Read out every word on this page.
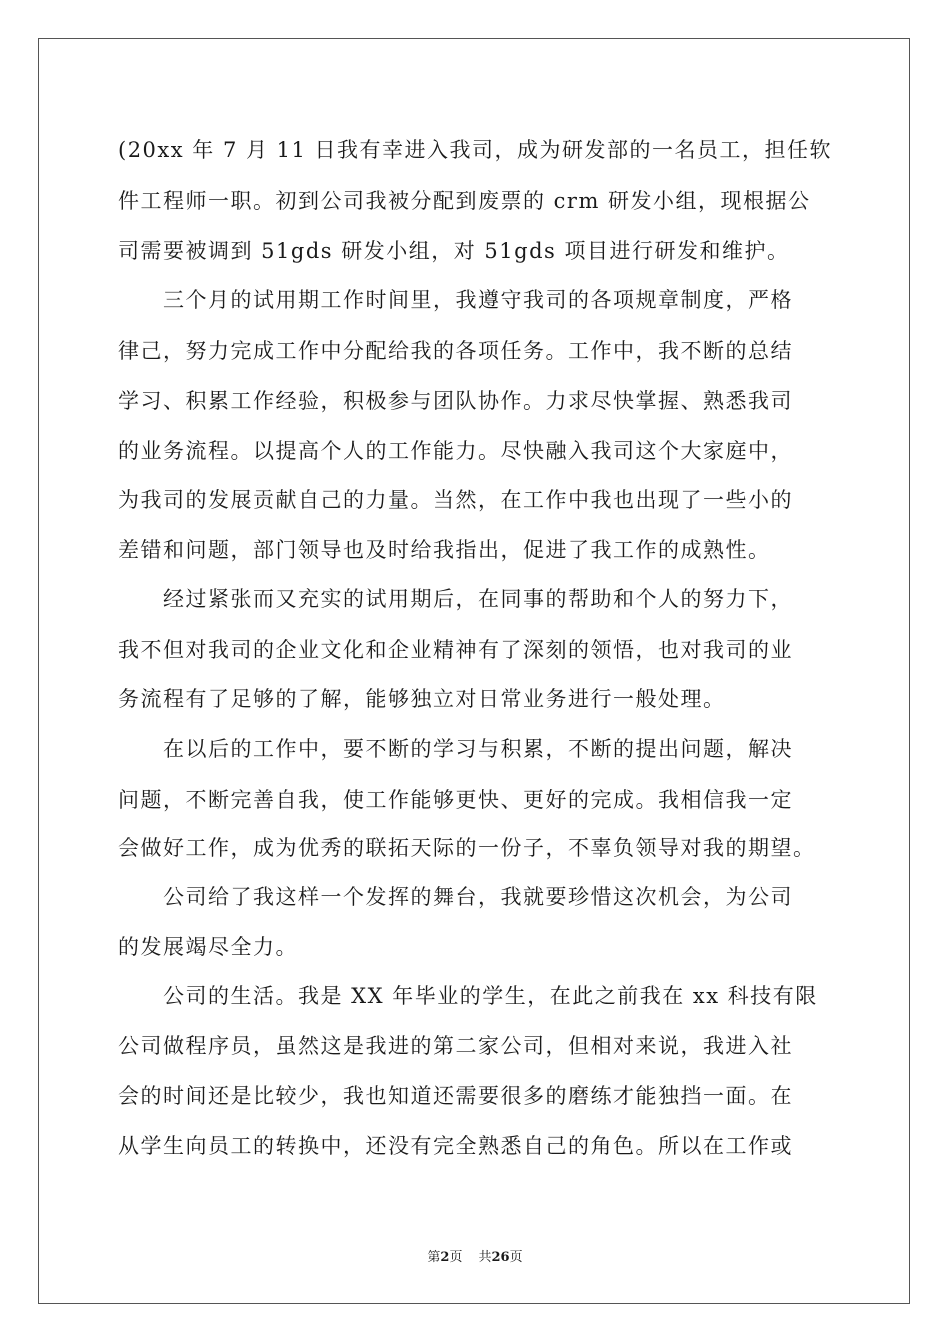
(20xx 年 7 月 11 日我有幸进入我司，成为研发部的一名员工，担任软
件工程师一职。初到公司我被分配到废票的 crm 研发小组，现根据公
司需要被调到 51gds 研发小组，对 51gds 项目进行研发和维护。
　　三个月的试用期工作时间里，我遵守我司的各项规章制度，严格
律己，努力完成工作中分配给我的各项任务。工作中，我不断的总结
学习、积累工作经验，积极参与团队协作。力求尽快掌握、熟悉我司
的业务流程。以提高个人的工作能力。尽快融入我司这个大家庭中，
为我司的发展贡献自己的力量。当然，在工作中我也出现了一些小的
差错和问题，部门领导也及时给我指出，促进了我工作的成熟性。
　　经过紧张而又充实的试用期后，在同事的帮助和个人的努力下，
我不但对我司的企业文化和企业精神有了深刻的领悟，也对我司的业
务流程有了足够的了解，能够独立对日常业务进行一般处理。
　　在以后的工作中，要不断的学习与积累，不断的提出问题，解决
问题，不断完善自我，使工作能够更快、更好的完成。我相信我一定
会做好工作，成为优秀的联拓天际的一份子，不辜负领导对我的期望。
　　公司给了我这样一个发挥的舞台，我就要珍惜这次机会，为公司
的发展竭尽全力。
　　公司的生活。我是 XX 年毕业的学生，在此之前我在 xx 科技有限
公司做程序员，虽然这是我进的第二家公司，但相对来说，我进入社
会的时间还是比较少，我也知道还需要很多的磨练才能独挡一面。在
从学生向员工的转换中，还没有完全熟悉自己的角色。所以在工作或
第2页 共26页
